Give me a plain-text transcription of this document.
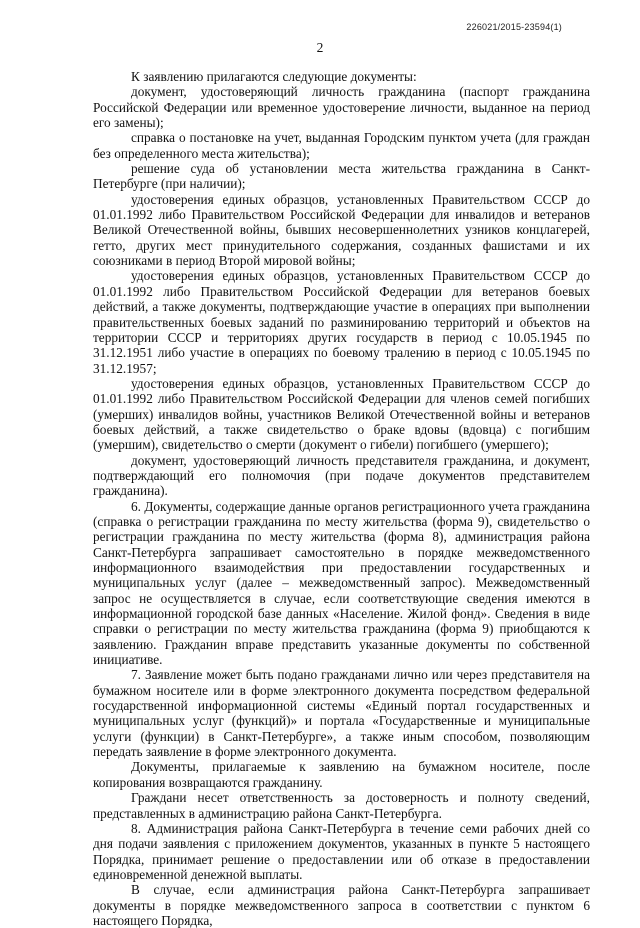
226021/2015-23594(1)
2

К заявлению прилагаются следующие документы:

документ, удостоверяющий личность гражданина (паспорт гражданина Российской Федерации или временное удостоверение личности, выданное на период его замены);

справка о постановке на учет, выданная Городским пунктом учета (для граждан без определенного места жительства);

решение суда об установлении места жительства гражданина в Санкт-Петербурге (при наличии);

удостоверения единых образцов, установленных Правительством СССР до 01.01.1992 либо Правительством Российской Федерации для инвалидов и ветеранов Великой Отечественной войны, бывших несовершеннолетних узников концлагерей, гетто, других мест принудительного содержания, созданных фашистами и их союзниками в период Второй мировой войны;

удостоверения единых образцов, установленных Правительством СССР до 01.01.1992 либо Правительством Российской Федерации для ветеранов боевых действий, а также документы, подтверждающие участие в операциях при выполнении правительственных боевых заданий по разминированию территорий и объектов на территории СССР и территориях других государств в период с 10.05.1945 по 31.12.1951 либо участие в операциях по боевому тралению в период с 10.05.1945 по 31.12.1957;

удостоверения единых образцов, установленных Правительством СССР до 01.01.1992 либо Правительством Российской Федерации для членов семей погибших (умерших) инвалидов войны, участников Великой Отечественной войны и ветеранов боевых действий, а также свидетельство о браке вдовы (вдовца) с погибшим (умершим), свидетельство о смерти (документ о гибели) погибшего (умершего);

документ, удостоверяющий личность представителя гражданина, и документ, подтверждающий его полномочия (при подаче документов представителем гражданина).

6. Документы, содержащие данные органов регистрационного учета гражданина (справка о регистрации гражданина по месту жительства (форма 9), свидетельство о регистрации гражданина по месту жительства (форма 8), администрация района Санкт-Петербурга запрашивает самостоятельно в порядке межведомственного информационного взаимодействия при предоставлении государственных и муниципальных услуг (далее – межведомственный запрос). Межведомственный запрос не осуществляется в случае, если соответствующие сведения имеются в информационной городской базе данных «Население. Жилой фонд». Сведения в виде справки о регистрации по месту жительства гражданина (форма 9) приобщаются к заявлению. Гражданин вправе представить указанные документы по собственной инициативе.

7. Заявление может быть подано гражданами лично или через представителя на бумажном носителе или в форме электронного документа посредством федеральной государственной информационной системы «Единый портал государственных и муниципальных услуг (функций)» и портала «Государственные и муниципальные услуги (функции) в Санкт-Петербурге», а также иным способом, позволяющим передать заявление в форме электронного документа.

Документы, прилагаемые к заявлению на бумажном носителе, после копирования возвращаются гражданину.

Граждани несет ответственность за достоверность и полноту сведений, представленных в администрацию района Санкт-Петербурга.

8. Администрация района Санкт-Петербурга в течение семи рабочих дней со дня подачи заявления с приложением документов, указанных в пункте 5 настоящего Порядка, принимает решение о предоставлении или об отказе в предоставлении единовременной денежной выплаты.

В случае, если администрация района Санкт-Петербурга запрашивает документы в порядке межведомственного запроса в соответствии с пунктом 6 настоящего Порядка,
